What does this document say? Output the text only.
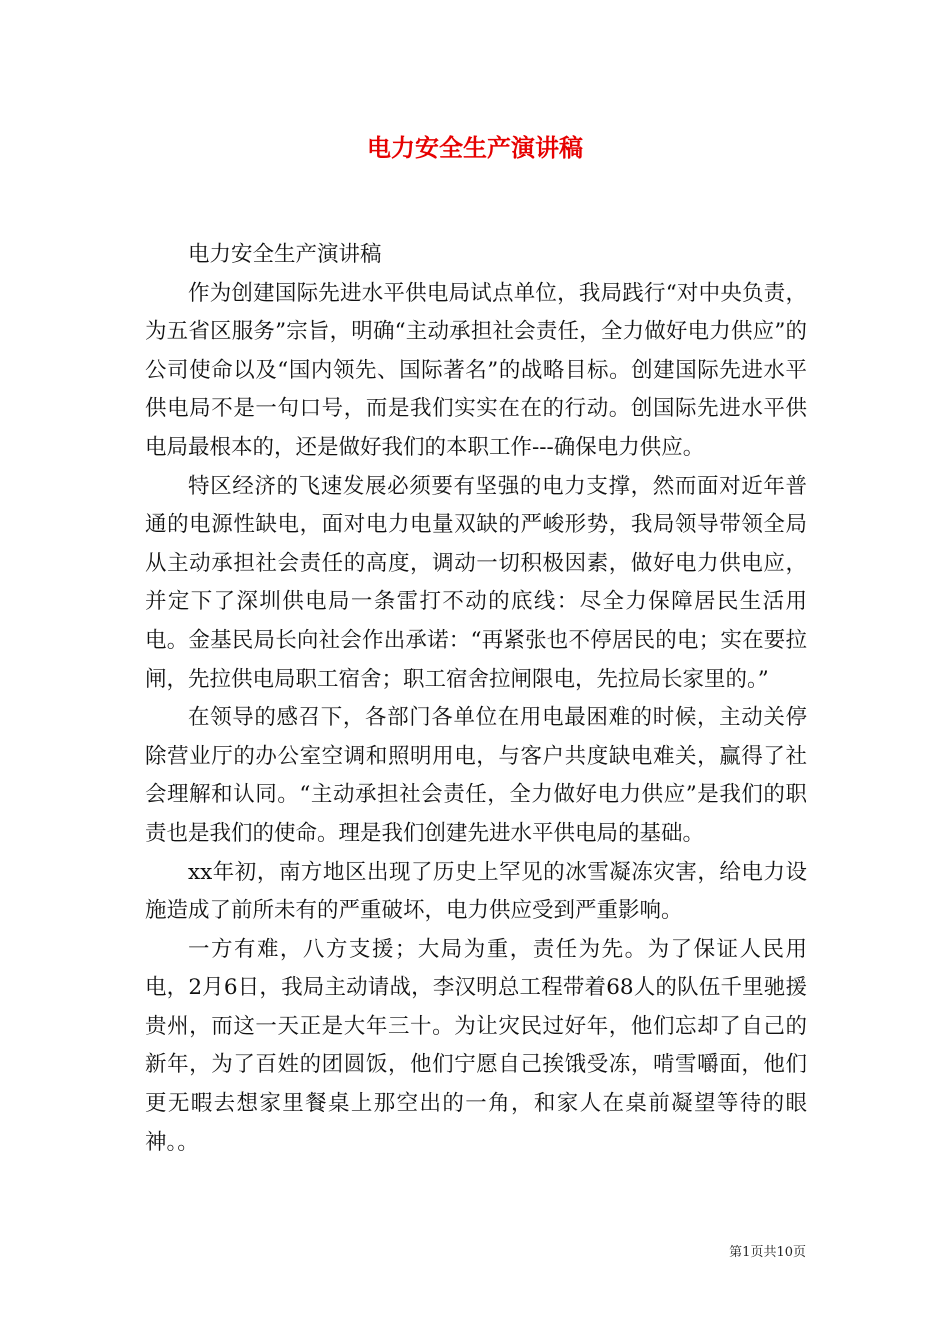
电力安全生产演讲稿

电力安全生产演讲稿

作为创建国际先进水平供电局试点单位，我局践行“对中央负责，为五省区服务”宗旨，明确“主动承担社会责任，全力做好电力供应”的公司使命以及“国内领先、国际著名”的战略目标。创建国际先进水平供电局不是一句口号，而是我们实实在在的行动。创国际先进水平供电局最根本的，还是做好我们的本职工作---确保电力供应。

特区经济的飞速发展必须要有坚强的电力支撑，然而面对近年普通的电源性缺电，面对电力电量双缺的严峻形势，我局领导带领全局从主动承担社会责任的高度，调动一切积极因素，做好电力供电应，并定下了深圳供电局一条雷打不动的底线：尽全力保障居民生活用电。金基民局长向社会作出承诺：“再紧张也不停居民的电；实在要拉闸，先拉供电局职工宿舍；职工宿舍拉闸限电，先拉局长家里的。”

在领导的感召下，各部门各单位在用电最困难的时候，主动关停除营业厅的办公室空调和照明用电，与客户共度缺电难关，赢得了社会理解和认同。“主动承担社会责任，全力做好电力供应”是我们的职责也是我们的使命。理是我们创建先进水平供电局的基础。

xx年初，南方地区出现了历史上罕见的冰雪凝冻灾害，给电力设施造成了前所未有的严重破坏，电力供应受到严重影响。

一方有难，八方支援；大局为重，责任为先。为了保证人民用电，2月6日，我局主动请战，李汉明总工程带着68人的队伍千里驰援贵州，而这一天正是大年三十。为让灾民过好年，他们忘却了自己的新年，为了百姓的团圆饭，他们宁愿自己挨饿受冻，啃雪嚼面，他们更无暇去想家里餐桌上那空出的一角，和家人在桌前凝望等待的眼神。。

第1页共10页
